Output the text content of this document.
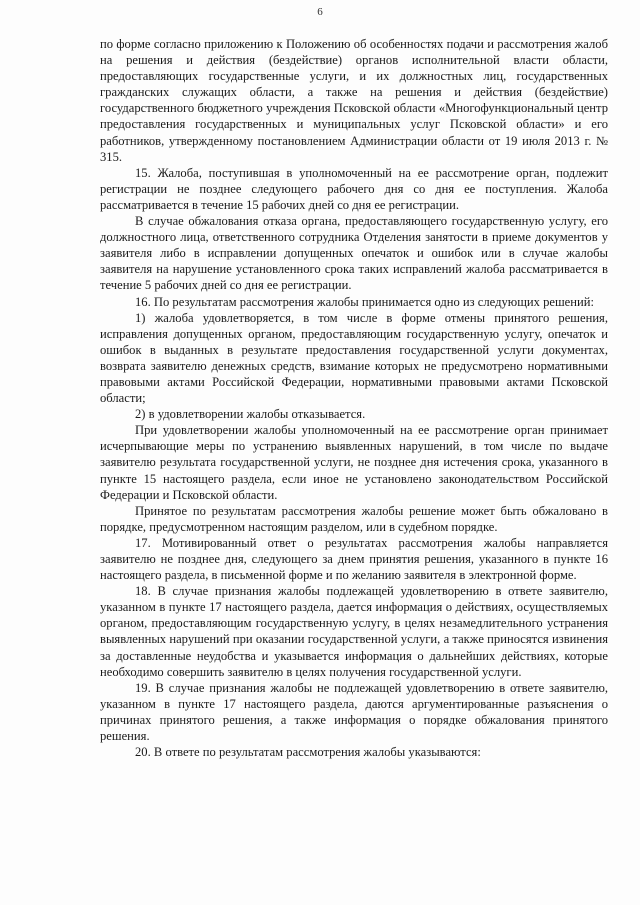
6

по форме согласно приложению к Положению об особенностях подачи и рассмотрения жалоб на решения и действия (бездействие) органов исполнительной власти области, предоставляющих государственные услуги, и их должностных лиц, государственных гражданских служащих области, а также на решения и действия (бездействие) государственного бюджетного учреждения Псковской области «Многофункциональный центр предоставления государственных и муниципальных услуг Псковской области» и его работников, утвержденному постановлением Администрации области от 19 июля 2013 г. № 315.

15. Жалоба, поступившая в уполномоченный на ее рассмотрение орган, подлежит регистрации не позднее следующего рабочего дня со дня ее поступления. Жалоба рассматривается в течение 15 рабочих дней со дня ее регистрации.

В случае обжалования отказа органа, предоставляющего государственную услугу, его должностного лица, ответственного сотрудника Отделения занятости в приеме документов у заявителя либо в исправлении допущенных опечаток и ошибок или в случае жалобы заявителя на нарушение установленного срока таких исправлений жалоба рассматривается в течение 5 рабочих дней со дня ее регистрации.

16. По результатам рассмотрения жалобы принимается одно из следующих решений:

1) жалоба удовлетворяется, в том числе в форме отмены принятого решения, исправления допущенных органом, предоставляющим государственную услугу, опечаток и ошибок в выданных в результате предоставления государственной услуги документах, возврата заявителю денежных средств, взимание которых не предусмотрено нормативными правовыми актами Российской Федерации, нормативными правовыми актами Псковской области;

2) в удовлетворении жалобы отказывается.

При удовлетворении жалобы уполномоченный на ее рассмотрение орган принимает исчерпывающие меры по устранению выявленных нарушений, в том числе по выдаче заявителю результата государственной услуги, не позднее дня истечения срока, указанного в пункте 15 настоящего раздела, если иное не установлено законодательством Российской Федерации и Псковской области.

Принятое по результатам рассмотрения жалобы решение может быть обжаловано в порядке, предусмотренном настоящим разделом, или в судебном порядке.

17. Мотивированный ответ о результатах рассмотрения жалобы направляется заявителю не позднее дня, следующего за днем принятия решения, указанного в пункте 16 настоящего раздела, в письменной форме и по желанию заявителя в электронной форме.

18. В случае признания жалобы подлежащей удовлетворению в ответе заявителю, указанном в пункте 17 настоящего раздела, дается информация о действиях, осуществляемых органом, предоставляющим государственную услугу, в целях незамедлительного устранения выявленных нарушений при оказании государственной услуги, а также приносятся извинения за доставленные неудобства и указывается информация о дальнейших действиях, которые необходимо совершить заявителю в целях получения государственной услуги.

19. В случае признания жалобы не подлежащей удовлетворению в ответе заявителю, указанном в пункте 17 настоящего раздела, даются аргументированные разъяснения о причинах принятого решения, а также информация о порядке обжалования принятого решения.

20. В ответе по результатам рассмотрения жалобы указываются:
